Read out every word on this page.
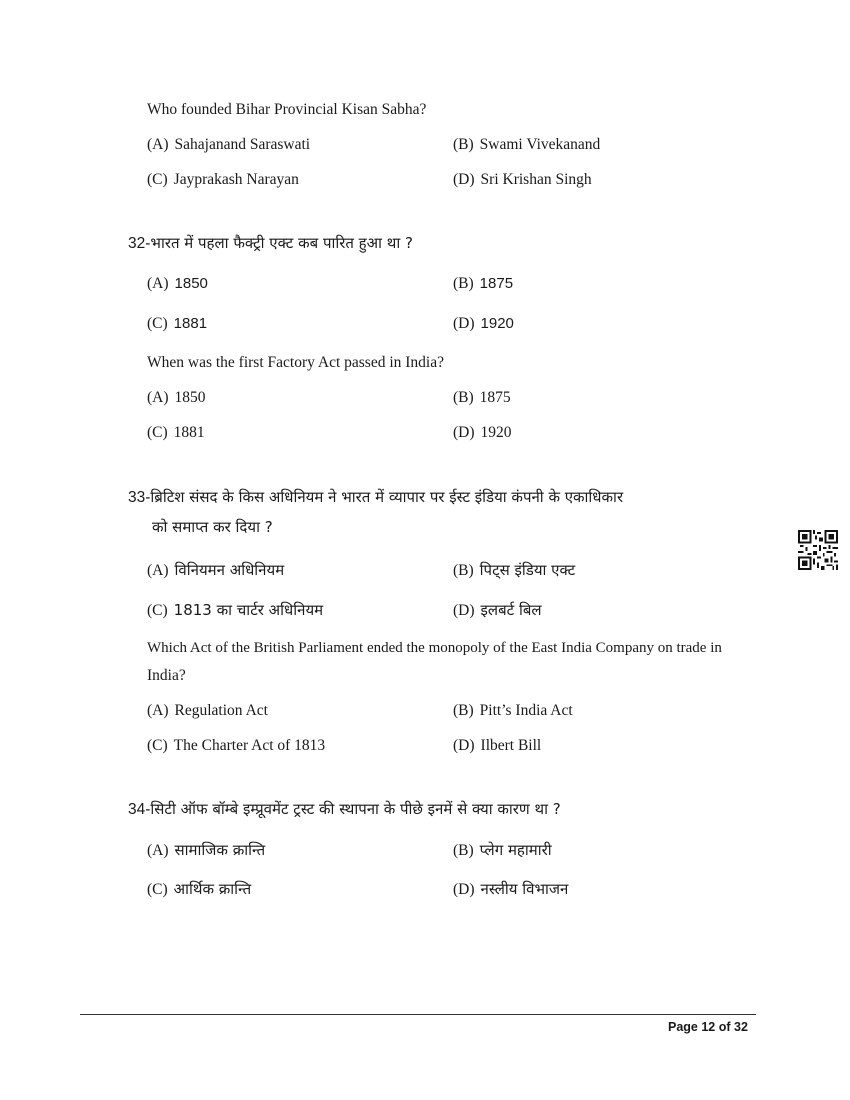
Who founded Bihar Provincial Kisan Sabha?
(A) Sahajanand Saraswati	(B) Swami Vivekanand
(C) Jayprakash Narayan	(D) Sri Krishan Singh
32-भारत में पहला फैक्ट्री एक्ट कब पारित हुआ था ?
(A) 1850	(B) 1875
(C) 1881	(D) 1920
When was the first Factory Act passed in India?
(A) 1850	(B) 1875
(C) 1881	(D) 1920
33-ब्रिटिश संसद के किस अधिनियम ने भारत में व्यापार पर ईस्ट इंडिया कंपनी के एकाधिकार
को समाप्त कर दिया ?
(A) विनियमन अधिनियम	(B) पिट्स इंडिया एक्ट
(C) 1813 का चार्टर अधिनियम	(D) इलबर्ट बिल
Which Act of the British Parliament ended the monopoly of the East India Company on trade in
India?
(A) Regulation Act	(B) Pitt’s India Act
(C) The Charter Act of 1813	(D) Ilbert Bill
34-सिटी ऑफ बॉम्बे इम्प्रूवमेंट ट्रस्ट की स्थापना के पीछे इनमें से क्या कारण था ?
(A) सामाजिक क्रान्ति	(B) प्लेग महामारी
(C) आर्थिक क्रान्ति	(D) नस्लीय विभाजन
Page 12 of 32
